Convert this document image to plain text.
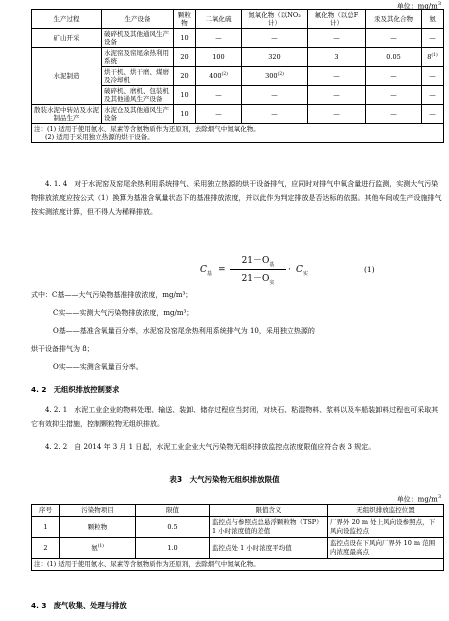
单位：$mg/m^3$
生产过程	生产设备	颗粒物	二氧化硫	氮氧化物（以NO₂计）	氟化物（以总F计）	汞及其化合物	氨
矿山开采	破碎机及其他通风生产设备	10	—	—	—	—	—
水泥制造	水泥窑及窑尾余热利用系统	20	100	320	3	0.05	8$^{(1)}$
	烘干机、烘干磨、煤磨及冷却机	20	400$^{(2)}$	300$^{(2)}$	—	—	—
	破碎机、磨机、包装机及其他通风生产设备	10	—	—	—	—	—
散装水泥中转站及水泥制品生产	水泥仓及其他通风生产设备	10	—	—	—	—	—

注：(1) 适用于使用氨水、尿素等含氨物质作为还原剂，去除烟气中氮氧化物。
(2) 适用于采用独立热源的烘干设备。							

4. 1. 4　对于水泥窑及窑尾余热利用系统排气、采用独立热源的烘干设备排气，应同时对排气中氧含量进行监测，实测大气污染物排放浓度应按公式（1）换算为基准含氧量状态下的基准排放浓度，并以此作为判定排放是否达标的依据。其他车间或生产设施排气按实测浓度计算，但不得人为稀释排放。

$C_基$ =
$21-O_基$
$21-O_实$
· $C_实$	(1)
式中：C基——大气污染物基准排放浓度，mg/m³；
C实——实测大气污染物排放浓度，mg/m³；
O基——基准含氧量百分率，水泥窑及窑尾余热利用系统排气为 10，采用独立热源的
烘干设备排气为 8；
O实——实测含氧量百分率。
4. 2　无组织排放控制要求

4. 2. 1　水泥工业企业的物料处理、输送、装卸、储存过程应当封闭，对块石、粘湿物料、浆料以及车船装卸料过程也可采取其它有效抑尘措施，控制颗粒物无组织排放。

4. 2. 2　自 2014 年 3 月 1 日起，水泥工业企业大气污染物无组织排放监控点浓度限值应符合表 3 规定。

表3　大气污染物无组织排放限值
单位：$mg/m^3$
序号	污染物项目	限值	限值含义	无组织排放监控位置
1	颗粒物	0.5	监控点与参照点总悬浮颗粒物（TSP）1 小时浓度值的差值	厂界外 20 m 处上风向设参照点，下风向设监控点
2	氨$^{(1)}$	1.0	监控点处 1 小时浓度平均值	监控点设在下风向厂界外 10 m 范围内浓度最高点
注：(1) 适用于使用氨水、尿素等含氨物质作为还原剂，去除烟气中氮氧化物。				
4. 3　废气收集、处理与排放
